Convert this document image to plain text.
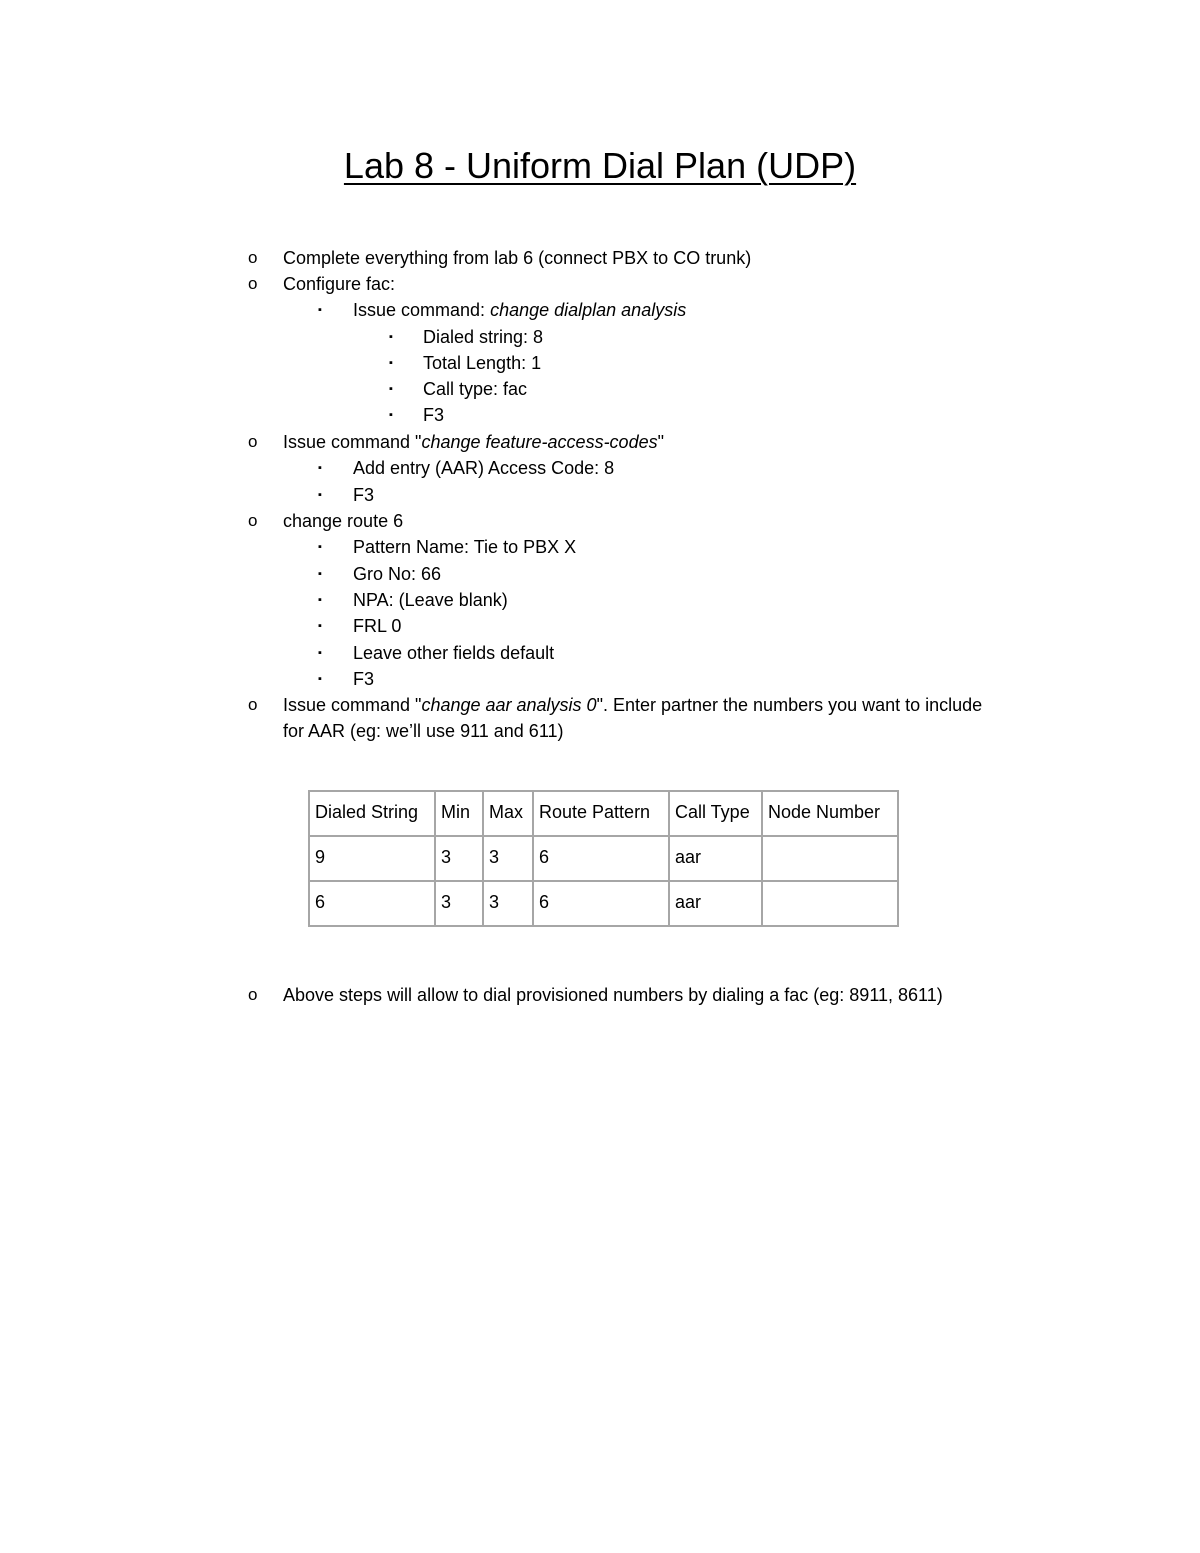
Lab 8 - Uniform Dial Plan (UDP)
o Complete everything from lab 6 (connect PBX to CO trunk)
o Configure fac:
▪ Issue command: change dialplan analysis
▪ Dialed string: 8
▪ Total Length: 1
▪ Call type: fac
▪ F3
o Issue command "change feature-access-codes"
▪ Add entry (AAR) Access Code: 8
▪ F3
o change route 6
▪ Pattern Name: Tie to PBX X
▪ Gro No: 66
▪ NPA: (Leave blank)
▪ FRL 0
▪ Leave other fields default
▪ F3
o Issue command "change aar analysis 0". Enter partner the numbers you want to include
for AAR (eg: we’ll use 911 and 611)
Dialed String	Min	Max	Route Pattern	Call Type	Node Number
9	3	3	6	aar	
6	3	3	6	aar	
o Above steps will allow to dial provisioned numbers by dialing a fac (eg: 8911, 8611)
